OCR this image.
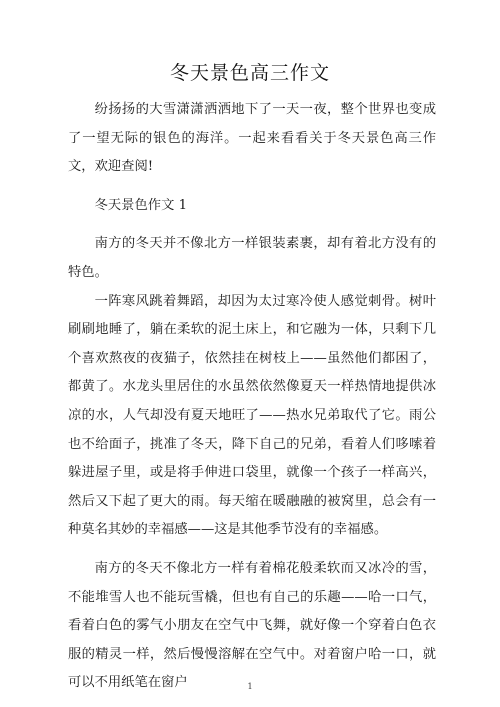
冬天景色高三作文

纷扬扬的大雪潇潇洒洒地下了一天一夜，整个世界也变成了一望无际的银色的海洋。一起来看看关于冬天景色高三作文，欢迎查阅!

冬天景色作文 1

南方的冬天并不像北方一样银装素裹，却有着北方没有的特色。

一阵寒风跳着舞蹈，却因为太过寒冷使人感觉刺骨。树叶刷刷地睡了，躺在柔软的泥土床上，和它融为一体，只剩下几个喜欢熬夜的夜猫子，依然挂在树枝上——虽然他们都困了，都黄了。水龙头里居住的水虽然依然像夏天一样热情地提供冰凉的水，人气却没有夏天地旺了——热水兄弟取代了它。雨公也不给面子，挑准了冬天，降下自己的兄弟，看着人们哆嗦着躲进屋子里，或是将手伸进口袋里，就像一个孩子一样高兴，然后又下起了更大的雨。每天缩在暖融融的被窝里，总会有一种莫名其妙的幸福感——这是其他季节没有的幸福感。

南方的冬天不像北方一样有着棉花般柔软而又冰冷的雪，不能堆雪人也不能玩雪橇，但也有自己的乐趣——哈一口气，看着白色的雾气小朋友在空气中飞舞，就好像一个穿着白色衣服的精灵一样，然后慢慢溶解在空气中。对着窗户哈一口，就可以不用纸笔在窗户	1
